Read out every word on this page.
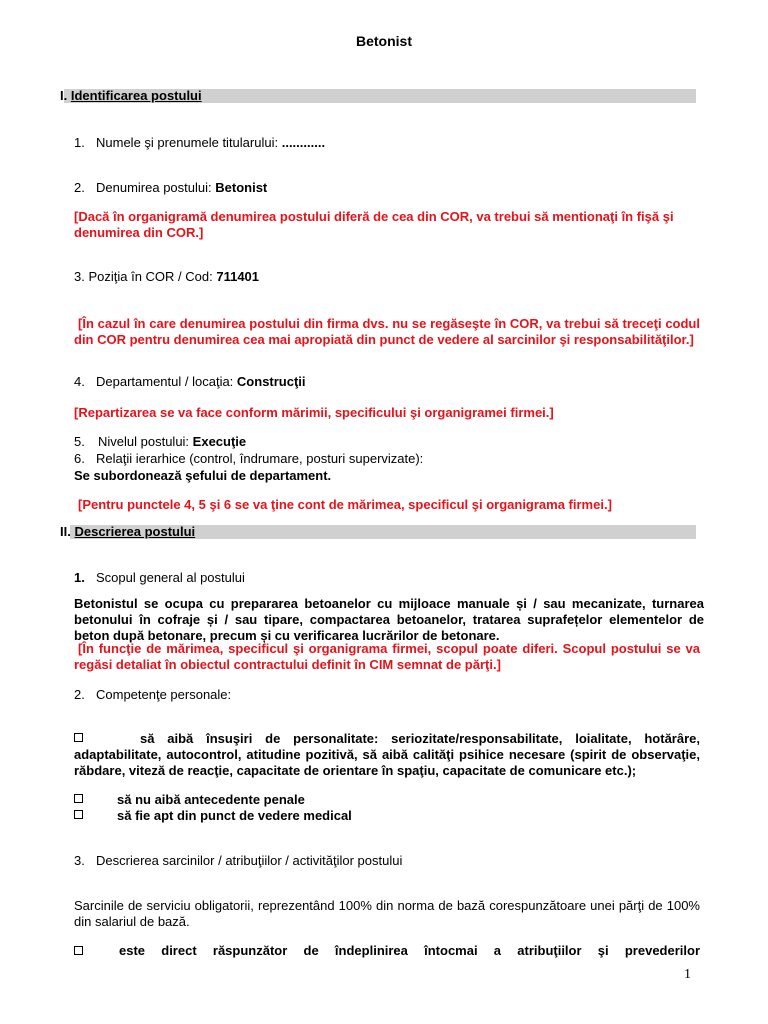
Betonist
I. Identificarea postului
1. Numele şi prenumele titularului: ............
2. Denumirea postului: Betonist
[Dacă în organigramă denumirea postului diferă de cea din COR, va trebui să mentionaţi în fişă şi denumirea din COR.]
3. Poziţia în COR / Cod: 711401
[În cazul în care denumirea postului din firma dvs. nu se regăseşte în COR, va trebui să treceţi codul din COR pentru denumirea cea mai apropiată din punct de vedere al sarcinilor şi responsabilităţilor.]
4. Departamentul / locaţia: Construcţii
[Repartizarea se va face conform mărimii, specificului şi organigramei firmei.]
5. Nivelul postului: Execuţie
6. Relaţii ierarhice (control, îndrumare, posturi supervizate):
Se subordonează şefului de departament.
[Pentru punctele 4, 5 şi 6 se va ţine cont de mărimea, specificul şi organigrama firmei.]
II. Descrierea postului
1. Scopul general al postului
Betonistul se ocupa cu prepararea betoanelor cu mijloace manuale și / sau mecanizate, turnarea betonului în cofraje și / sau tipare, compactarea betoanelor, tratarea suprafețelor elementelor de beton după betonare, precum și cu verificarea lucrărilor de betonare.
[În funcţie de mărimea, specificul şi organigrama firmei, scopul poate diferi. Scopul postului se va regăsi detaliat în obiectul contractului definit în CIM semnat de părţi.]
2. Competenţe personale:
să aibă însuşiri de personalitate: seriozitate/responsabilitate, loialitate, hotărâre, adaptabilitate, autocontrol, atitudine pozitivă, să aibă calităţi psihice necesare (spirit de observaţie, răbdare, viteză de reacţie, capacitate de orientare în spaţiu, capacitate de comunicare etc.);
să nu aibă antecedente penale
să fie apt din punct de vedere medical
3. Descrierea sarcinilor / atribuţiilor / activităţilor postului
Sarcinile de serviciu obligatorii, reprezentând 100% din norma de bază corespunzătoare unei părţi de 100% din salariul de bază.
este direct răspunzător de îndeplinirea întocmai a atribuţiilor şi prevederilor
1
